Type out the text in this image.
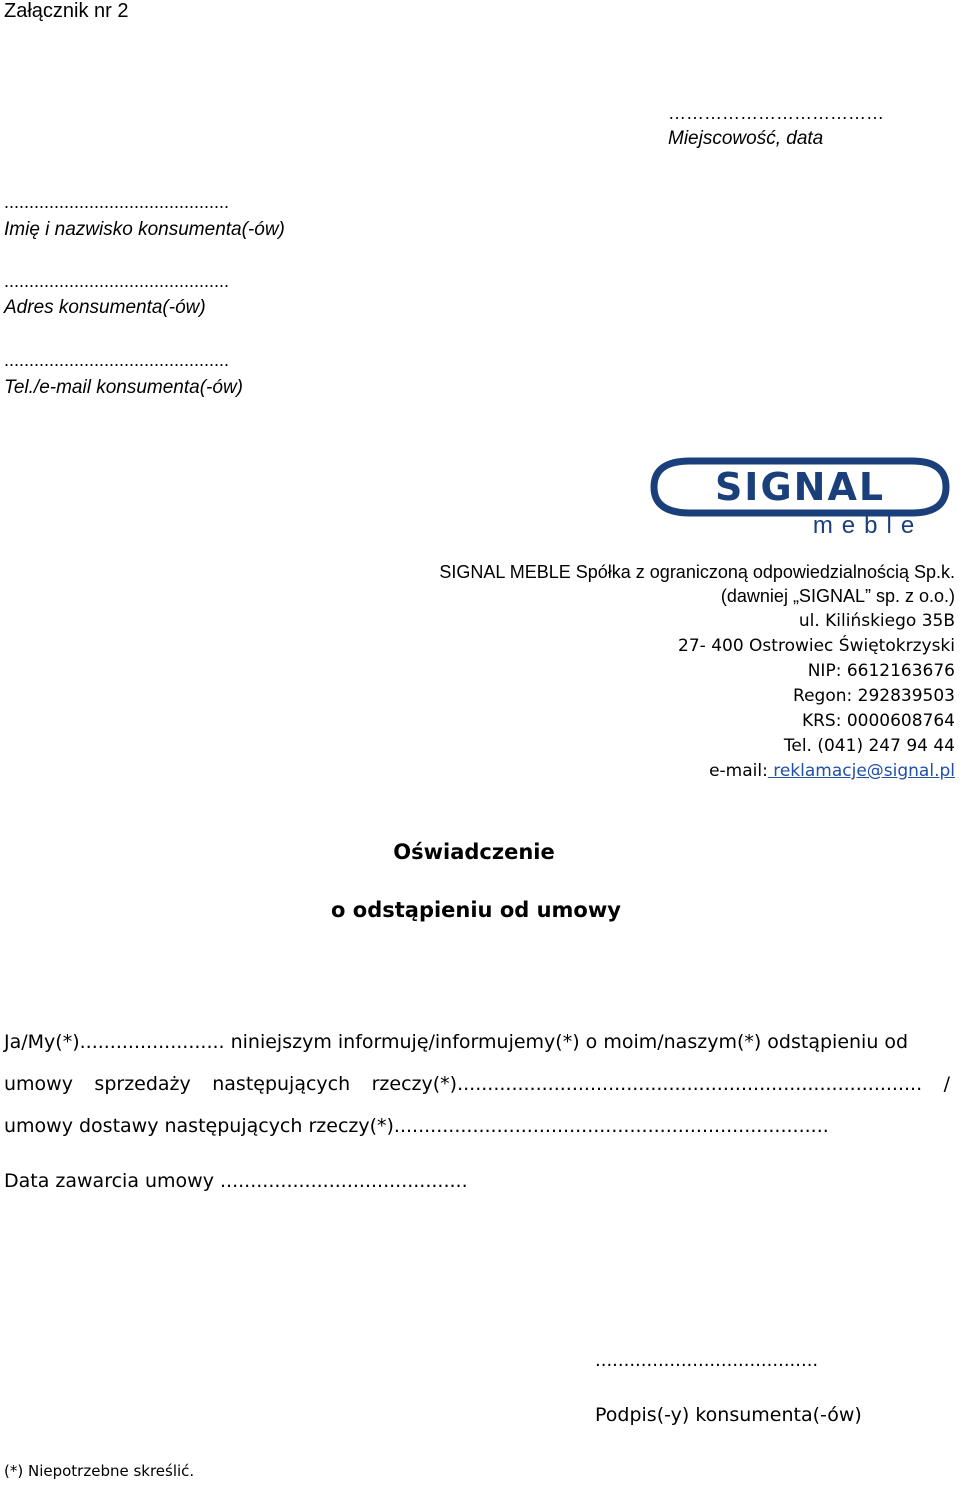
Załącznik nr 2
………………………………
Miejscowość, data
.............................................
Imię i nazwisko konsumenta(-ów)
.............................................
Adres konsumenta(-ów)
.............................................
Tel./e-mail konsumenta(-ów)
SIGNAL
meble
SIGNAL MEBLE Spółka z ograniczoną odpowiedzialnością Sp.k.
(dawniej „SIGNAL” sp. z o.o.)
ul. Kilińskiego 35B
27- 400 Ostrowiec Świętokrzyski
NIP: 6612163676
Regon: 292839503
KRS: 0000608764
Tel. (041) 247 94 44
e-mail: reklamacje@signal.pl
Oświadczenie
o odstąpieniu od umowy
Ja/My(*)........................ niniejszym informuję/informujemy(*) o moim/naszym(*) odstąpieniu od
umowy sprzedaży następujących rzeczy(*)............................................................................. /
umowy dostawy następujących rzeczy(*)........................................................................
Data zawarcia umowy .........................................
.......................................
Podpis(-y) konsumenta(-ów)
(*) Niepotrzebne skreślić.
